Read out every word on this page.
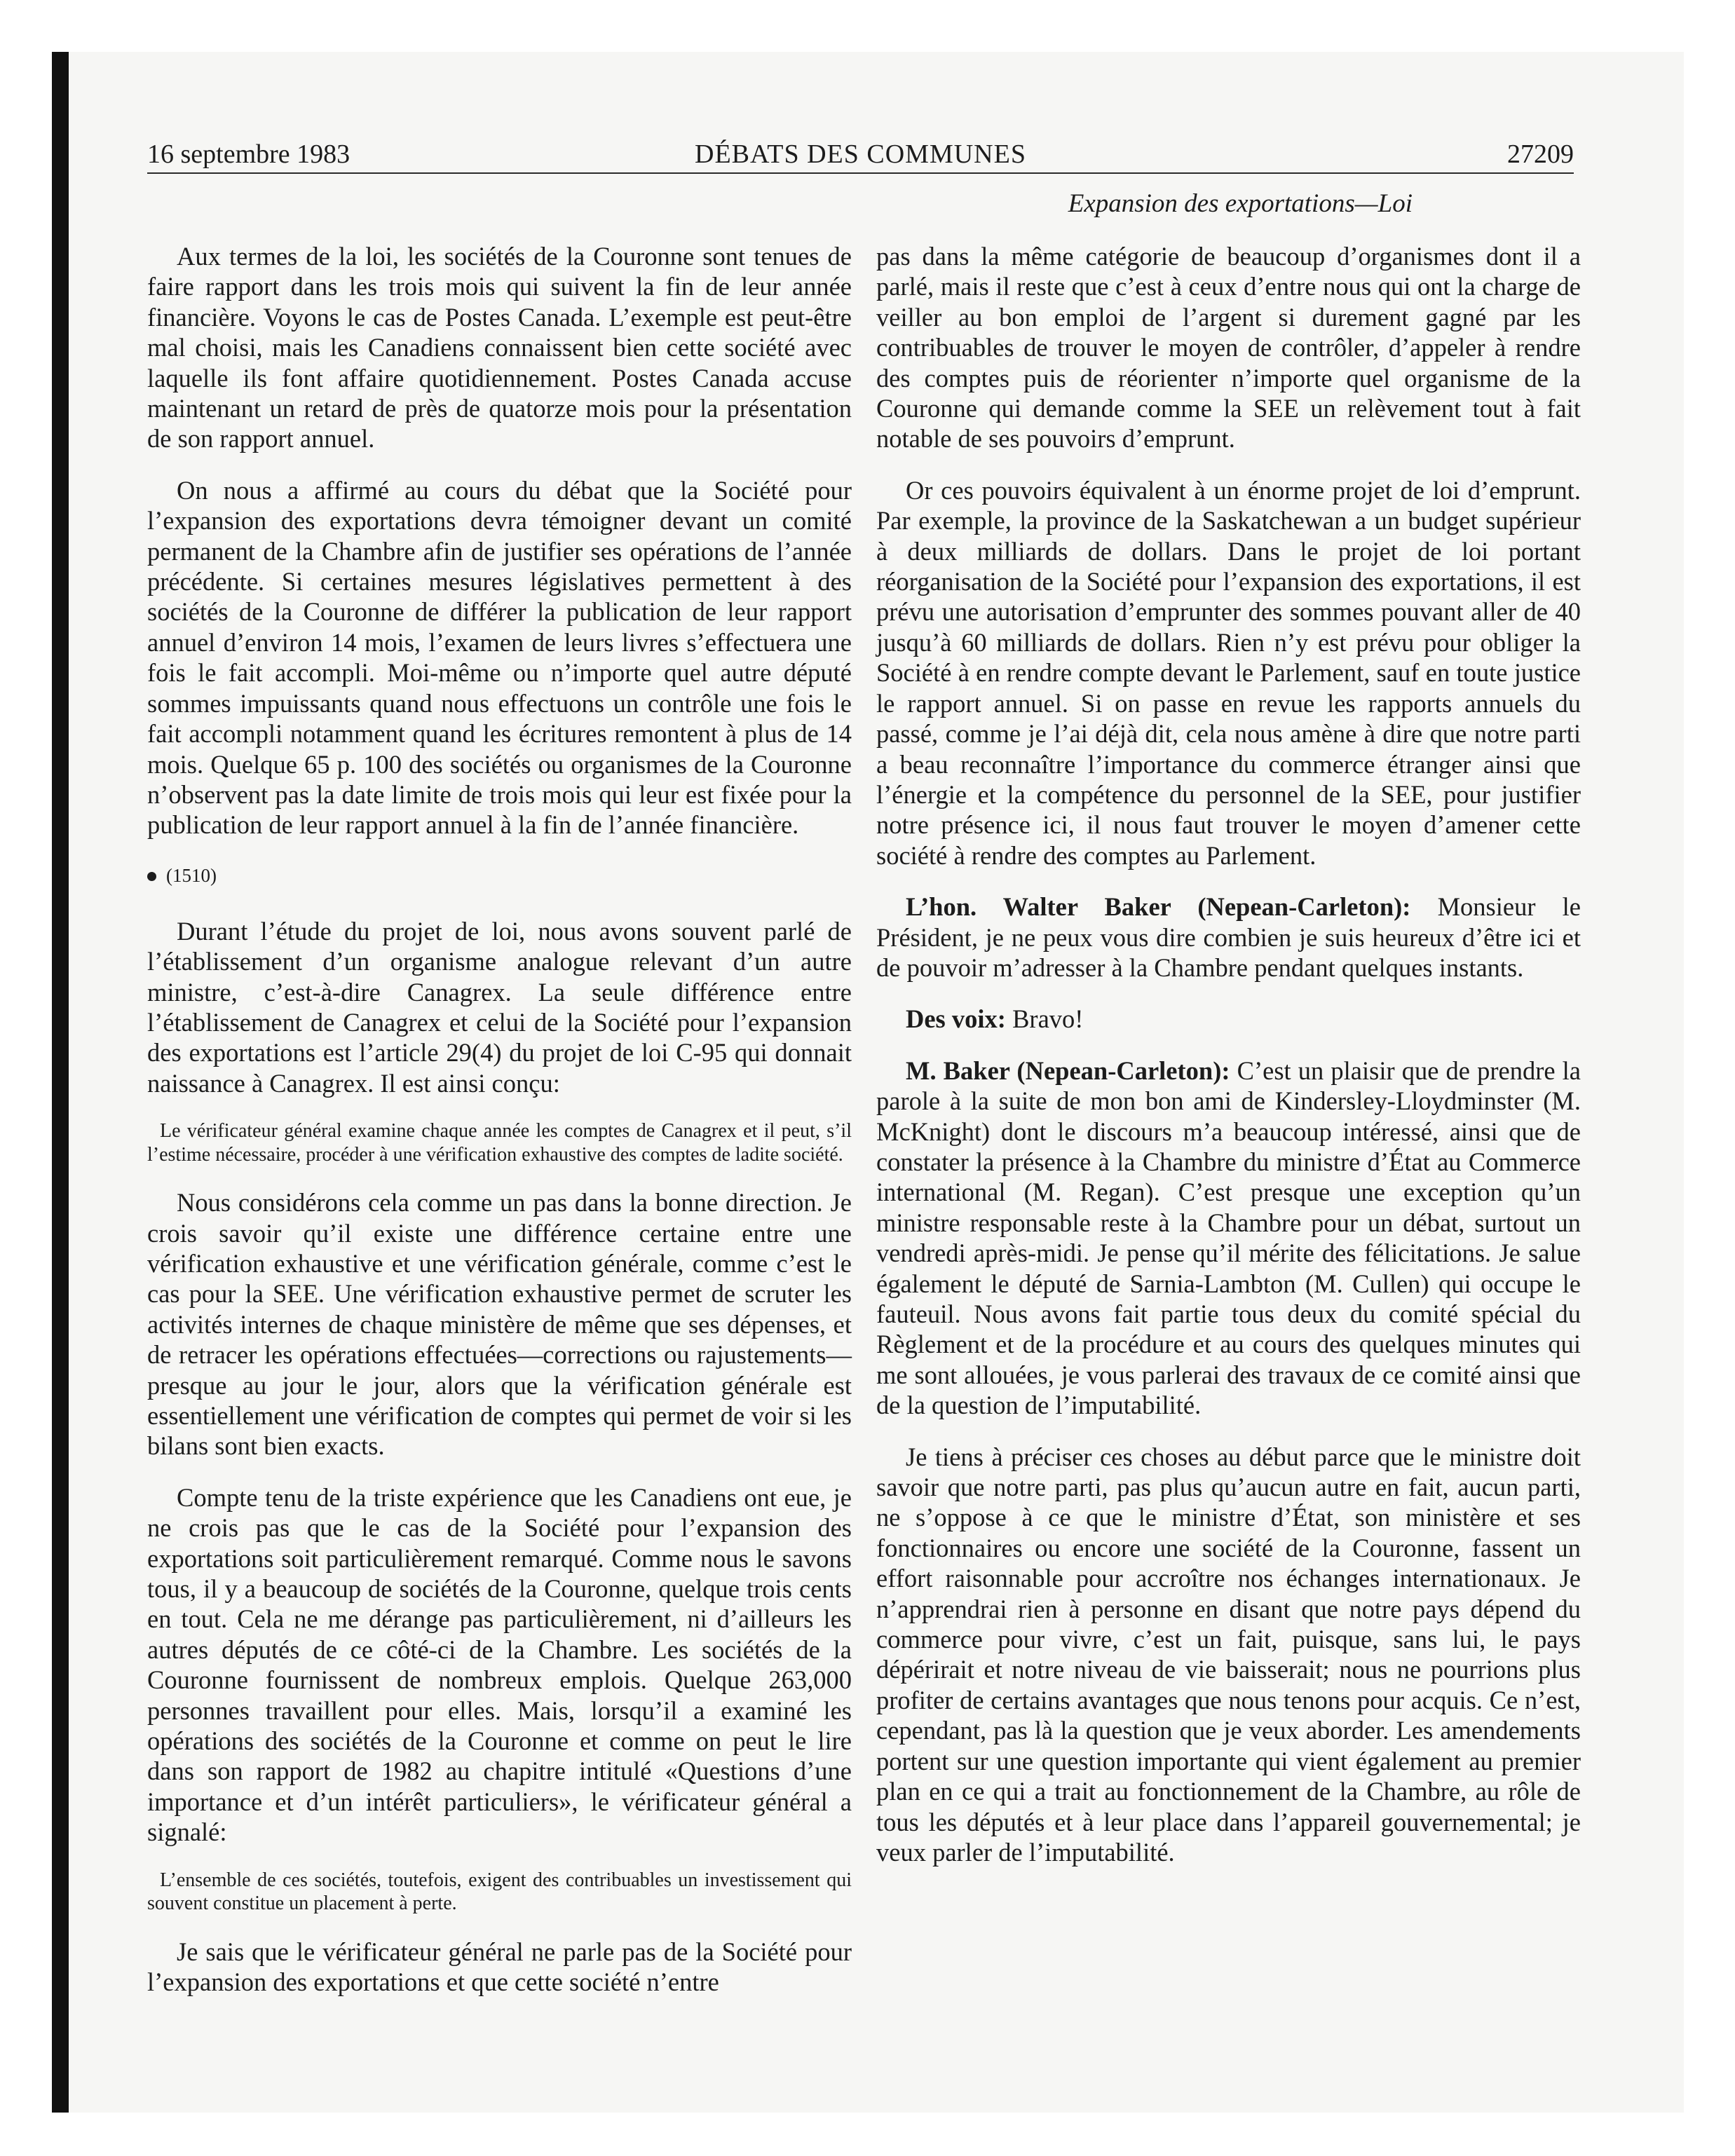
16 septembre 1983	DÉBATS DES COMMUNES	27209
Expansion des exportations—Loi

Aux termes de la loi, les sociétés de la Couronne sont tenues de faire rapport dans les trois mois qui suivent la fin de leur année financière. Voyons le cas de Postes Canada. L’exemple est peut-être mal choisi, mais les Canadiens connaissent bien cette société avec laquelle ils font affaire quotidiennement. Postes Canada accuse maintenant un retard de près de quatorze mois pour la présentation de son rapport annuel.

On nous a affirmé au cours du débat que la Société pour l’expansion des exportations devra témoigner devant un comité permanent de la Chambre afin de justifier ses opérations de l’année précédente. Si certaines mesures législatives permettent à des sociétés de la Couronne de différer la publication de leur rapport annuel d’environ 14 mois, l’examen de leurs livres s’effectuera une fois le fait accompli. Moi-même ou n’importe quel autre député sommes impuissants quand nous effectuons un contrôle une fois le fait accompli notamment quand les écritures remontent à plus de 14 mois. Quelque 65 p. 100 des sociétés ou organismes de la Couronne n’observent pas la date limite de trois mois qui leur est fixée pour la publication de leur rapport annuel à la fin de l’année financière.

(1510)

Durant l’étude du projet de loi, nous avons souvent parlé de l’établissement d’un organisme analogue relevant d’un autre ministre, c’est-à-dire Canagrex. La seule différence entre l’établissement de Canagrex et celui de la Société pour l’expansion des exportations est l’article 29(4) du projet de loi C-95 qui donnait naissance à Canagrex. Il est ainsi conçu:

Le vérificateur général examine chaque année les comptes de Canagrex et il peut, s’il l’estime nécessaire, procéder à une vérification exhaustive des comptes de ladite société.

Nous considérons cela comme un pas dans la bonne direction. Je crois savoir qu’il existe une différence certaine entre une vérification exhaustive et une vérification générale, comme c’est le cas pour la SEE. Une vérification exhaustive permet de scruter les activités internes de chaque ministère de même que ses dépenses, et de retracer les opérations effectuées—corrections ou rajustements—presque au jour le jour, alors que la vérification générale est essentiellement une vérification de comptes qui permet de voir si les bilans sont bien exacts.

Compte tenu de la triste expérience que les Canadiens ont eue, je ne crois pas que le cas de la Société pour l’expansion des exportations soit particulièrement remarqué. Comme nous le savons tous, il y a beaucoup de sociétés de la Couronne, quelque trois cents en tout. Cela ne me dérange pas particulièrement, ni d’ailleurs les autres députés de ce côté-ci de la Chambre. Les sociétés de la Couronne fournissent de nombreux emplois. Quelque 263,000 personnes travaillent pour elles. Mais, lorsqu’il a examiné les opérations des sociétés de la Couronne et comme on peut le lire dans son rapport de 1982 au chapitre intitulé «Questions d’une importance et d’un intérêt particuliers», le vérificateur général a signalé:

L’ensemble de ces sociétés, toutefois, exigent des contribuables un investissement qui souvent constitue un placement à perte.

Je sais que le vérificateur général ne parle pas de la Société pour l’expansion des exportations et que cette société n’entre

pas dans la même catégorie de beaucoup d’organismes dont il a parlé, mais il reste que c’est à ceux d’entre nous qui ont la charge de veiller au bon emploi de l’argent si durement gagné par les contribuables de trouver le moyen de contrôler, d’appeler à rendre des comptes puis de réorienter n’importe quel organisme de la Couronne qui demande comme la SEE un relèvement tout à fait notable de ses pouvoirs d’emprunt.

Or ces pouvoirs équivalent à un énorme projet de loi d’emprunt. Par exemple, la province de la Saskatchewan a un budget supérieur à deux milliards de dollars. Dans le projet de loi portant réorganisation de la Société pour l’expansion des exportations, il est prévu une autorisation d’emprunter des sommes pouvant aller de 40 jusqu’à 60 milliards de dollars. Rien n’y est prévu pour obliger la Société à en rendre compte devant le Parlement, sauf en toute justice le rapport annuel. Si on passe en revue les rapports annuels du passé, comme je l’ai déjà dit, cela nous amène à dire que notre parti a beau reconnaître l’importance du commerce étranger ainsi que l’énergie et la compétence du personnel de la SEE, pour justifier notre présence ici, il nous faut trouver le moyen d’amener cette société à rendre des comptes au Parlement.

L’hon. Walter Baker (Nepean-Carleton): Monsieur le Président, je ne peux vous dire combien je suis heureux d’être ici et de pouvoir m’adresser à la Chambre pendant quelques instants.

Des voix: Bravo!

M. Baker (Nepean-Carleton): C’est un plaisir que de prendre la parole à la suite de mon bon ami de Kindersley-Lloydminster (M. McKnight) dont le discours m’a beaucoup intéressé, ainsi que de constater la présence à la Chambre du ministre d’État au Commerce international (M. Regan). C’est presque une exception qu’un ministre responsable reste à la Chambre pour un débat, surtout un vendredi après-midi. Je pense qu’il mérite des félicitations. Je salue également le député de Sarnia-Lambton (M. Cullen) qui occupe le fauteuil. Nous avons fait partie tous deux du comité spécial du Règlement et de la procédure et au cours des quelques minutes qui me sont allouées, je vous parlerai des travaux de ce comité ainsi que de la question de l’imputabilité.

Je tiens à préciser ces choses au début parce que le ministre doit savoir que notre parti, pas plus qu’aucun autre en fait, aucun parti, ne s’oppose à ce que le ministre d’État, son ministère et ses fonctionnaires ou encore une société de la Couronne, fassent un effort raisonnable pour accroître nos échanges internationaux. Je n’apprendrai rien à personne en disant que notre pays dépend du commerce pour vivre, c’est un fait, puisque, sans lui, le pays dépérirait et notre niveau de vie baisserait; nous ne pourrions plus profiter de certains avantages que nous tenons pour acquis. Ce n’est, cependant, pas là la question que je veux aborder. Les amendements portent sur une question importante qui vient également au premier plan en ce qui a trait au fonctionnement de la Chambre, au rôle de tous les députés et à leur place dans l’appareil gouvernemental; je veux parler de l’imputabilité.
